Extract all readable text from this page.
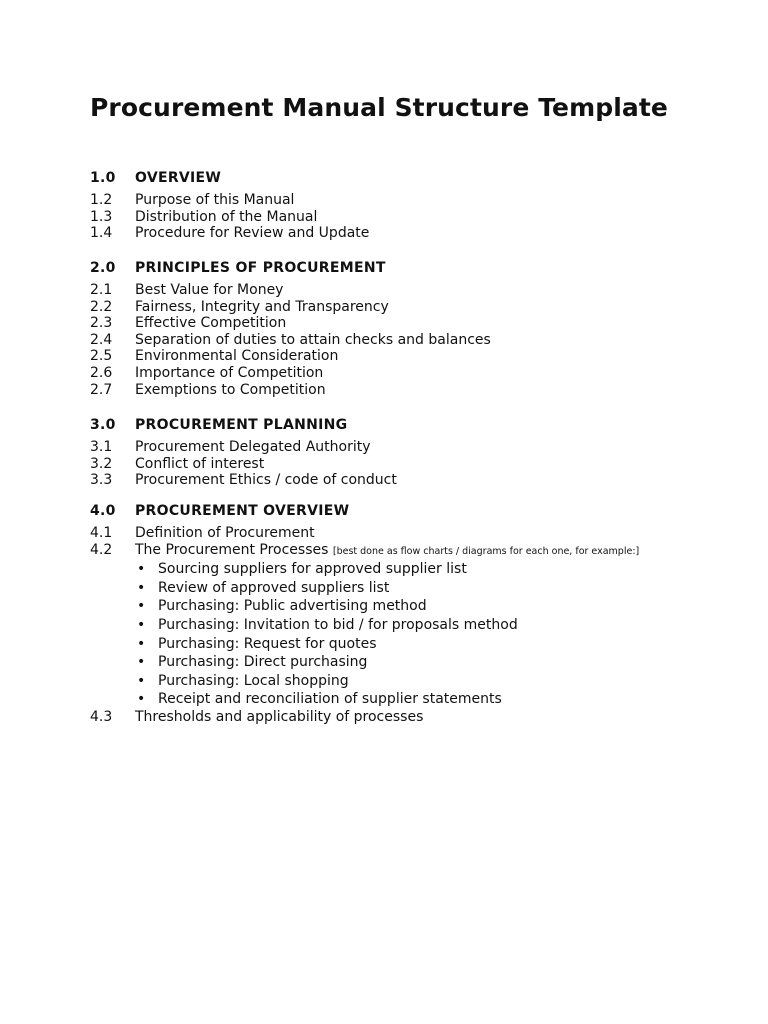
Procurement Manual Structure Template
1.0 OVERVIEW
1.2 Purpose of this Manual
1.3 Distribution of the Manual
1.4 Procedure for Review and Update
2.0 PRINCIPLES OF PROCUREMENT
2.1 Best Value for Money
2.2 Fairness, Integrity and Transparency
2.3 Effective Competition
2.4 Separation of duties to attain checks and balances
2.5 Environmental Consideration
2.6 Importance of Competition
2.7 Exemptions to Competition
3.0 PROCUREMENT PLANNING
3.1 Procurement Delegated Authority
3.2 Conflict of interest
3.3 Procurement Ethics / code of conduct
4.0 PROCUREMENT OVERVIEW
4.1 Definition of Procurement
4.2 The Procurement Processes [best done as flow charts / diagrams for each one, for example:]
• Sourcing suppliers for approved supplier list
• Review of approved suppliers list
• Purchasing: Public advertising method
• Purchasing: Invitation to bid / for proposals method
• Purchasing: Request for quotes
• Purchasing: Direct purchasing
• Purchasing: Local shopping
• Receipt and reconciliation of supplier statements
4.3 Thresholds and applicability of processes
